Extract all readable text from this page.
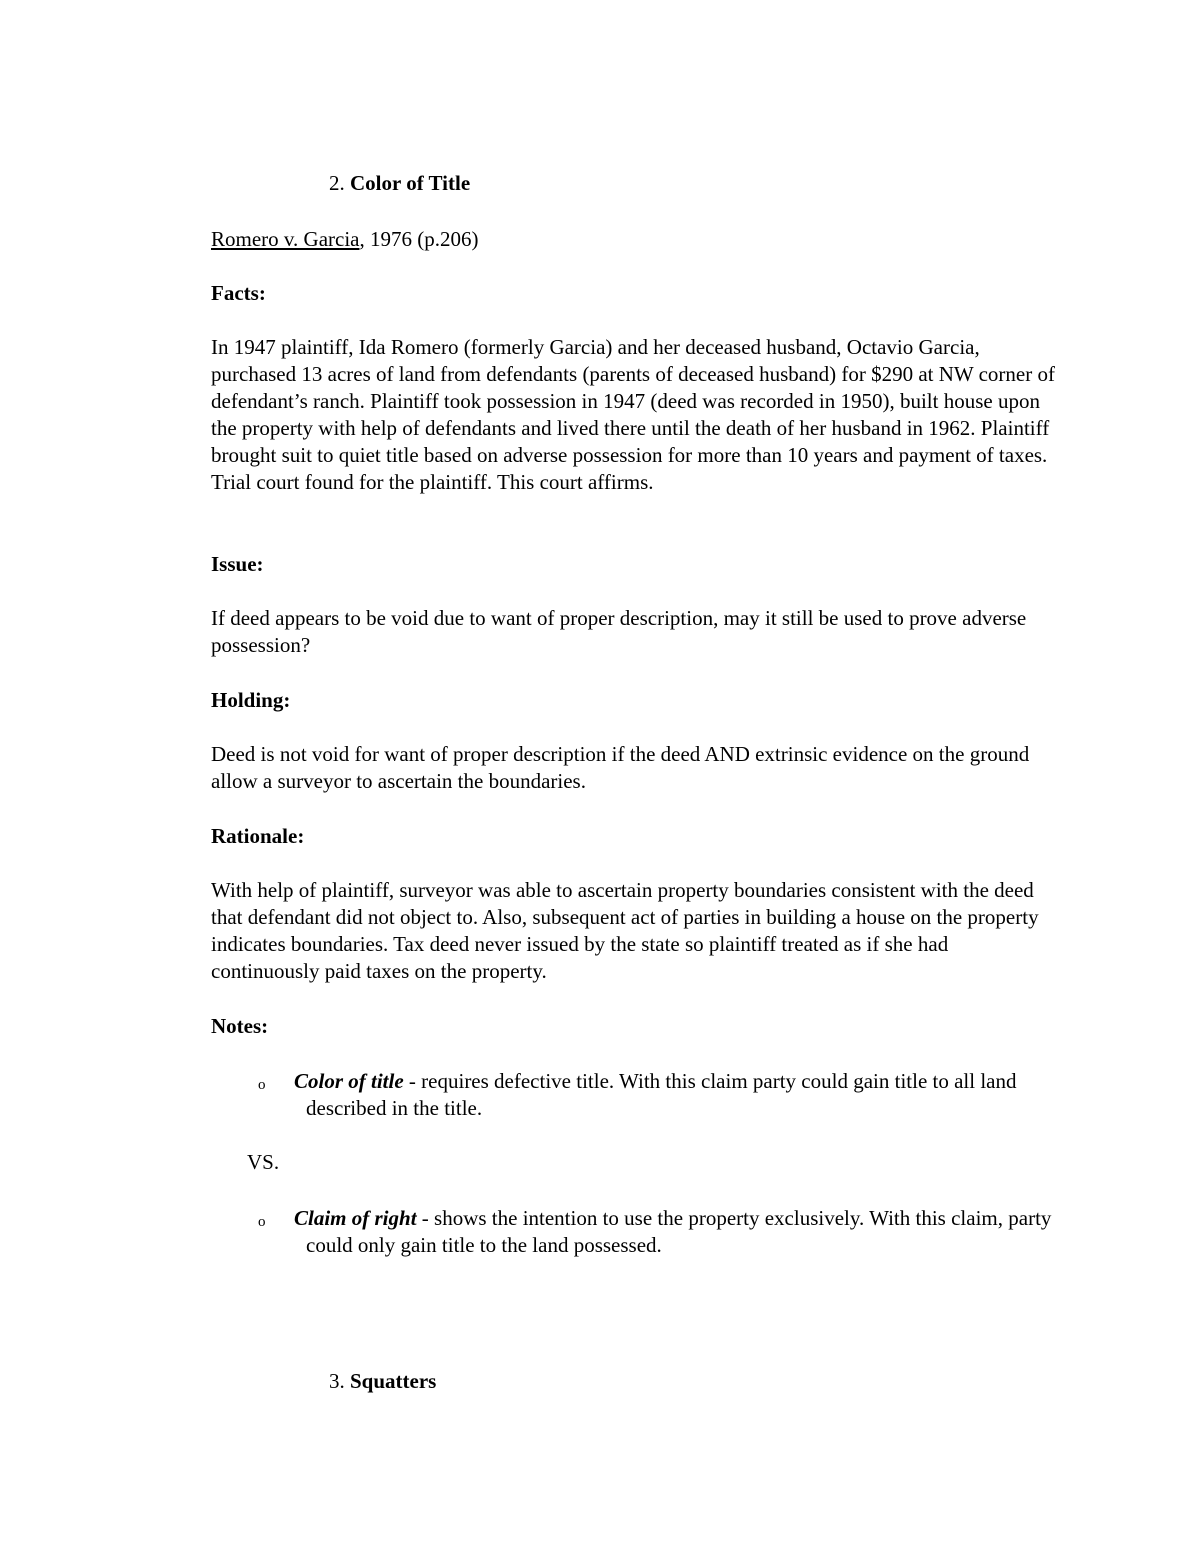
2. Color of Title

Romero v. Garcia, 1976 (p.206)

Facts:

In 1947 plaintiff, Ida Romero (formerly Garcia) and her deceased husband, Octavio Garcia, purchased 13 acres of land from defendants (parents of deceased husband) for $290 at NW corner of defendant’s ranch. Plaintiff took possession in 1947 (deed was recorded in 1950), built house upon the property with help of defendants and lived there until the death of her husband in 1962. Plaintiff brought suit to quiet title based on adverse possession for more than 10 years and payment of taxes. Trial court found for the plaintiff. This court affirms.

Issue:

If deed appears to be void due to want of proper description, may it still be used to prove adverse possession?

Holding:

Deed is not void for want of proper description if the deed AND extrinsic evidence on the ground allow a surveyor to ascertain the boundaries.

Rationale:

With help of plaintiff, surveyor was able to ascertain property boundaries consistent with the deed that defendant did not object to. Also, subsequent act of parties in building a house on the property indicates boundaries. Tax deed never issued by the state so plaintiff treated as if she had continuously paid taxes on the property.

Notes:

o Color of title - requires defective title. With this claim party could gain title to all land described in the title.

VS.

o Claim of right - shows the intention to use the property exclusively. With this claim, party could only gain title to the land possessed.

3. Squatters
